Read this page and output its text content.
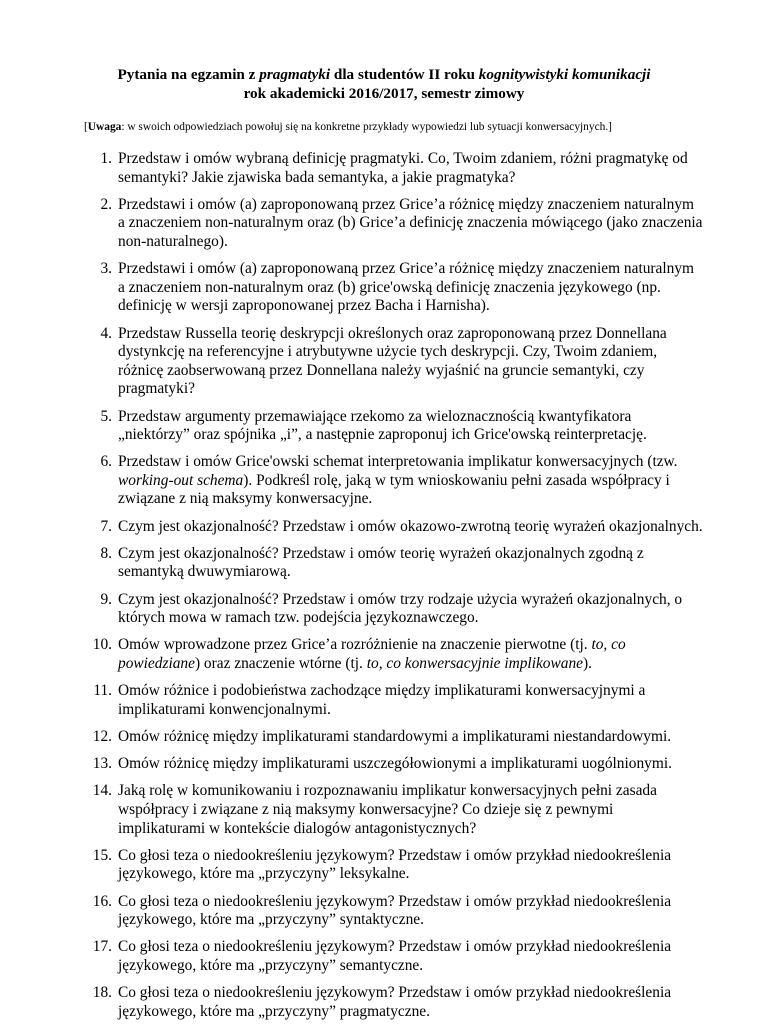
Pytania na egzamin z pragmatyki dla studentów II roku kognitywistyki komunikacji
rok akademicki 2016/2017, semestr zimowy
[Uwaga: w swoich odpowiedziach powołuj się na konkretne przykłady wypowiedzi lub sytuacji konwersacyjnych.]
1. Przedstaw i omów wybraną definicję pragmatyki. Co, Twoim zdaniem, różni pragmatykę od semantyki? Jakie zjawiska bada semantyka, a jakie pragmatyka?
2. Przedstawi i omów (a) zaproponowaną przez Grice’a różnicę między znaczeniem naturalnym a znaczeniem non-naturalnym oraz (b) Grice’a definicję znaczenia mówiącego (jako znaczenia non-naturalnego).
3. Przedstawi i omów (a) zaproponowaną przez Grice’a różnicę między znaczeniem naturalnym a znaczeniem non-naturalnym oraz (b) grice'owską definicję znaczenia językowego (np. definicję w wersji zaproponowanej przez Bacha i Harnisha).
4. Przedstaw Russella teorię deskrypcji określonych oraz zaproponowaną przez Donnellana dystynkcję na referencyjne i atrybutywne użycie tych deskrypcji. Czy, Twoim zdaniem, różnicę zaobserwowaną przez Donnellana należy wyjaśnić na gruncie semantyki, czy pragmatyki?
5. Przedstaw argumenty przemawiające rzekomo za wieloznacznością kwantyfikatora „niektórzy” oraz spójnika „i”, a następnie zaproponuj ich Grice'owską reinterpretację.
6. Przedstaw i omów Grice'owski schemat interpretowania implikatur konwersacyjnych (tzw. working-out schema). Podkreśl rolę, jaką w tym wnioskowaniu pełni zasada współpracy i związane z nią maksymy konwersacyjne.
7. Czym jest okazjonalność? Przedstaw i omów okazowo-zwrotną teorię wyrażeń okazjonalnych.
8. Czym jest okazjonalność? Przedstaw i omów teorię wyrażeń okazjonalnych zgodną z semantyką dwuwymiarową.
9. Czym jest okazjonalność? Przedstaw i omów trzy rodzaje użycia wyrażeń okazjonalnych, o których mowa w ramach tzw. podejścia językoznawczego.
10. Omów wprowadzone przez Grice’a rozróżnienie na znaczenie pierwotne (tj. to, co powiedziane) oraz znaczenie wtórne (tj. to, co konwersacyjnie implikowane).
11. Omów różnice i podobieństwa zachodzące między implikaturami konwersacyjnymi a implikaturami konwencjonalnymi.
12. Omów różnicę między implikaturami standardowymi a implikaturami niestandardowymi.
13. Omów różnicę między implikaturami uszczegółowionymi a implikaturami uogólnionymi.
14. Jaką rolę w komunikowaniu i rozpoznawaniu implikatur konwersacyjnych pełni zasada współpracy i związane z nią maksymy konwersacyjne? Co dzieje się z pewnymi implikaturami w kontekście dialogów antagonistycznych?
15. Co głosi teza o niedookreśleniu językowym? Przedstaw i omów przykład niedookreślenia językowego, które ma „przyczyny” leksykalne.
16. Co głosi teza o niedookreśleniu językowym? Przedstaw i omów przykład niedookreślenia językowego, które ma „przyczyny” syntaktyczne.
17. Co głosi teza o niedookreśleniu językowym? Przedstaw i omów przykład niedookreślenia językowego, które ma „przyczyny” semantyczne.
18. Co głosi teza o niedookreśleniu językowym? Przedstaw i omów przykład niedookreślenia językowego, które ma „przyczyny” pragmatyczne.
